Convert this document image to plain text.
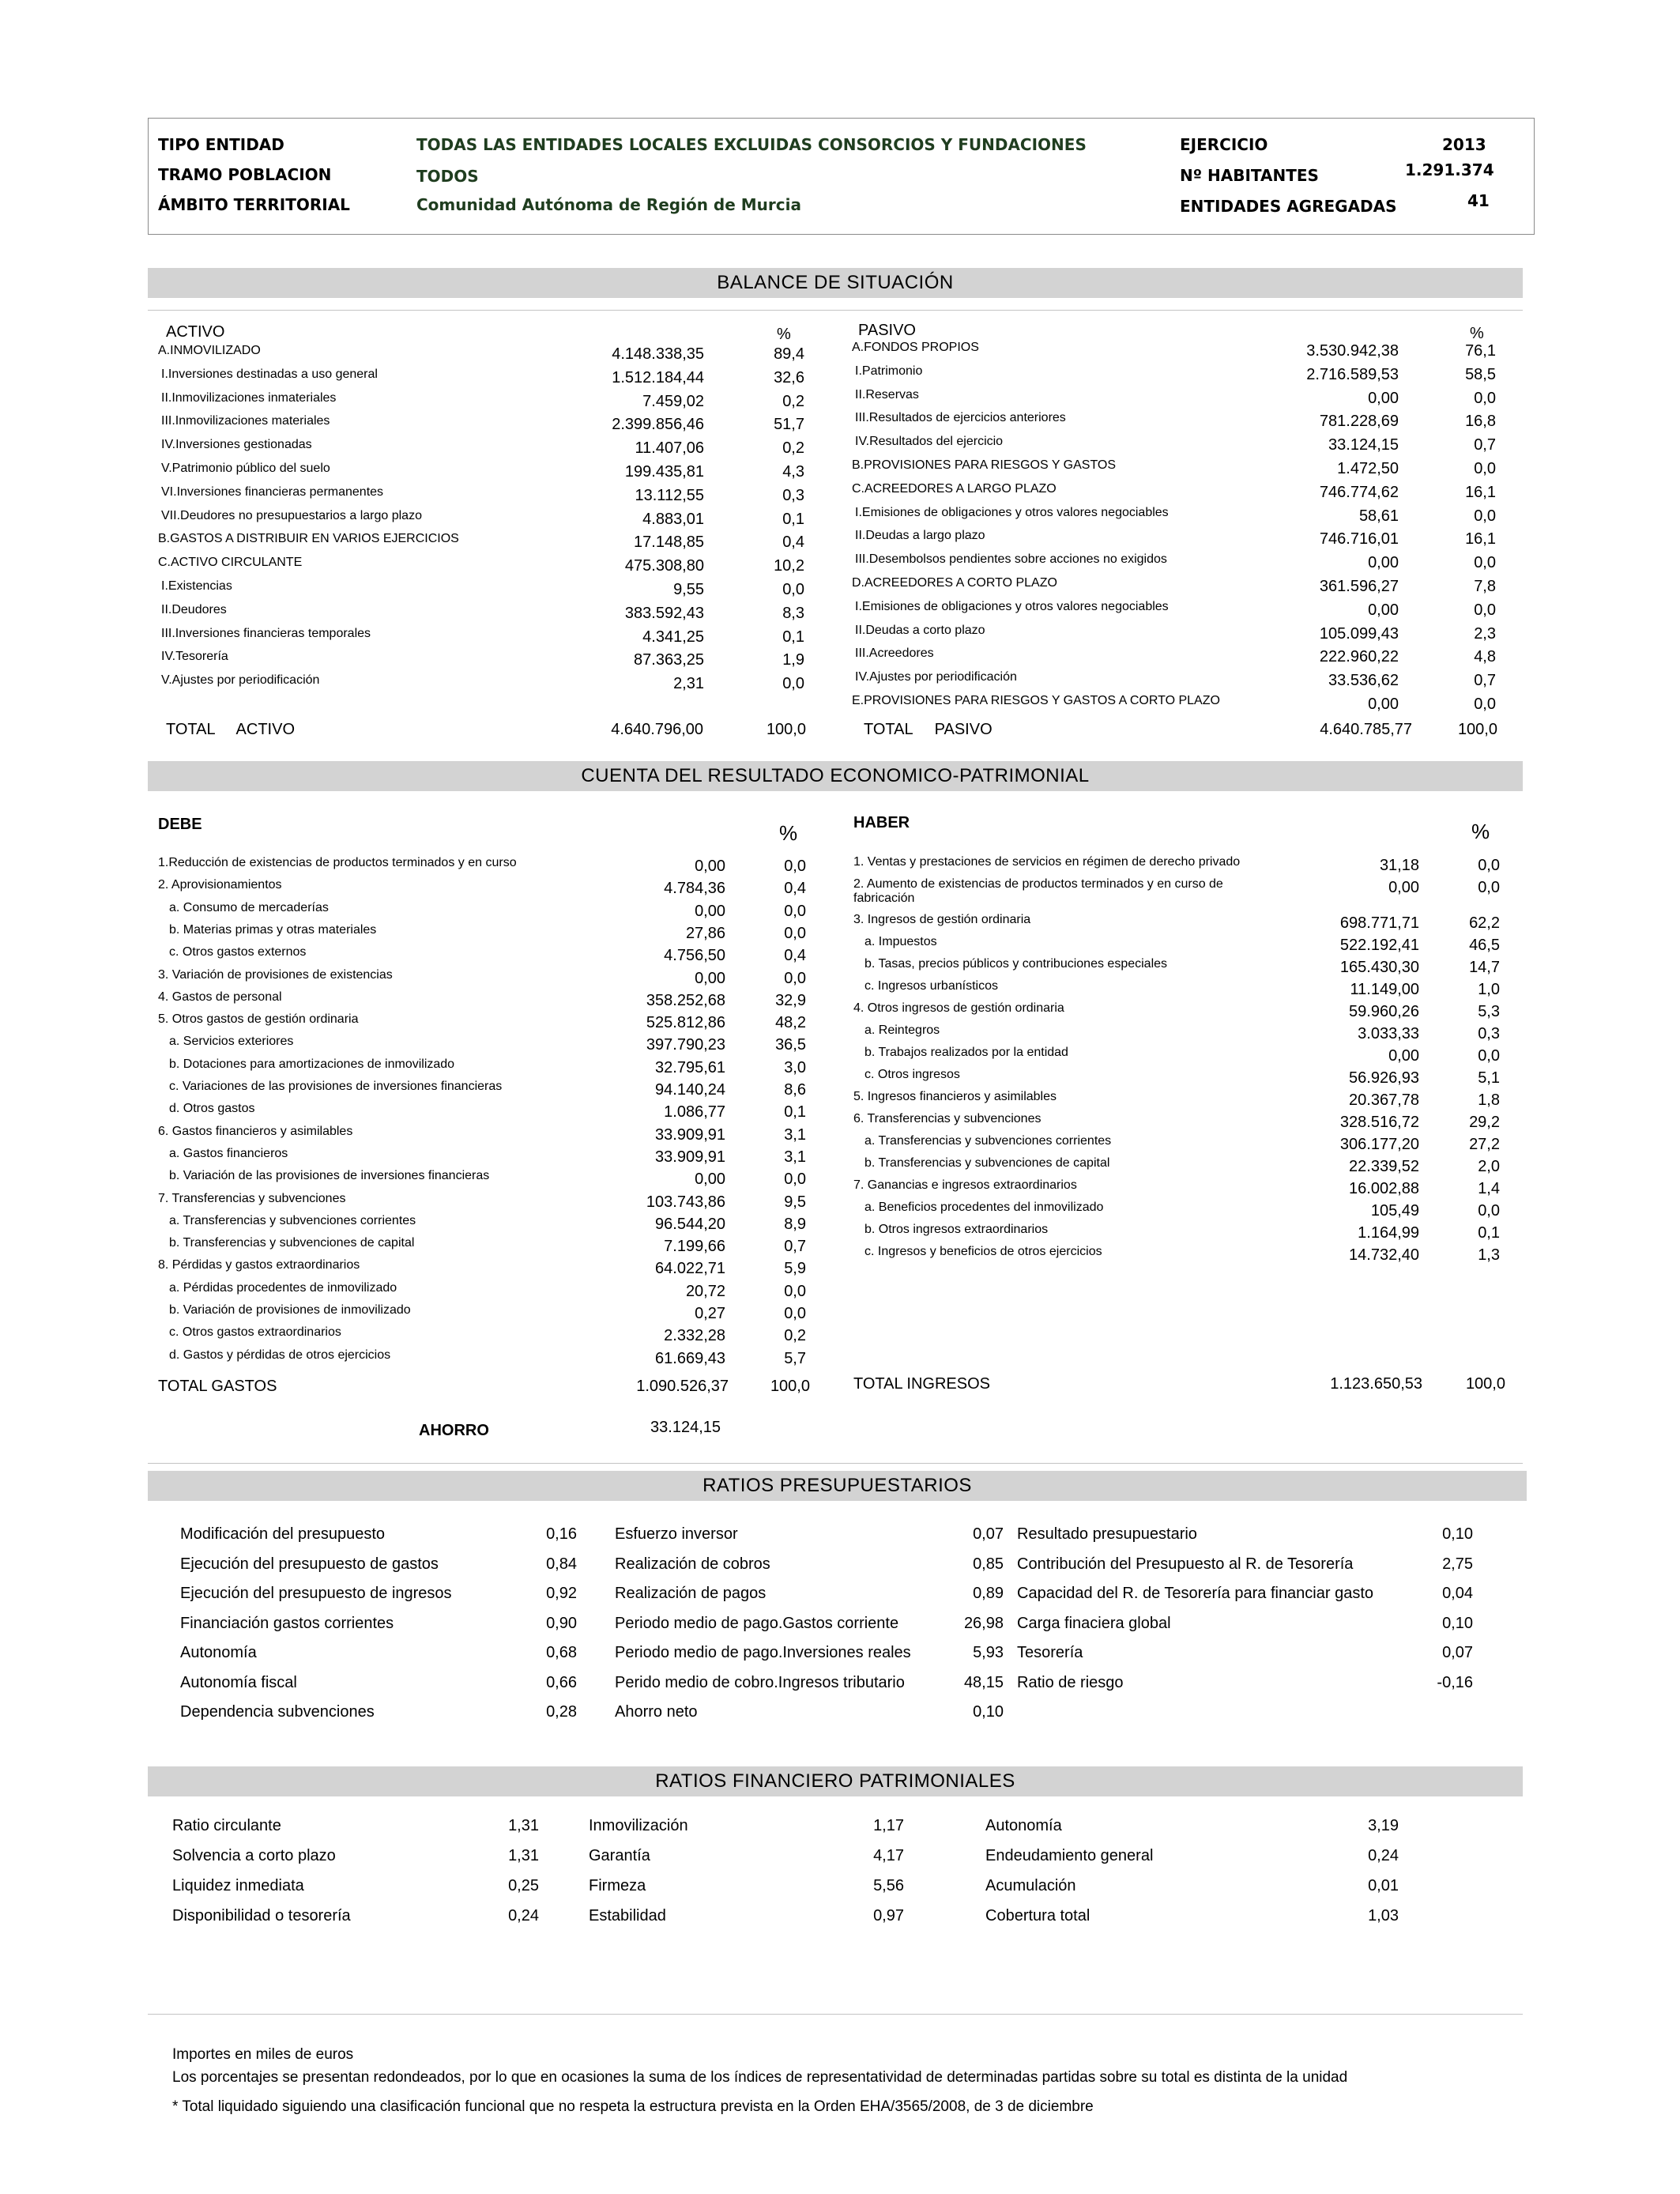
TIPO ENTIDAD	TODAS LAS ENTIDADES LOCALES EXCLUIDAS CONSORCIOS Y FUNDACIONES
TRAMO POBLACION	TODOS
ÁMBITO TERRITORIAL	Comunidad Autónoma de Región de Murcia
EJERCICIO	2013
Nº HABITANTES	1.291.374
ENTIDADES AGREGADAS	41
BALANCE DE SITUACIÓN
ACTIVO	%	PASIVO	%
A.INMOVILIZADO	4.148.338,35	89,4
I.Inversiones destinadas a uso general	1.512.184,44	32,6
II.Inmovilizaciones inmateriales	7.459,02	0,2
III.Inmovilizaciones materiales	2.399.856,46	51,7
IV.Inversiones gestionadas	11.407,06	0,2
V.Patrimonio público del suelo	199.435,81	4,3
VI.Inversiones financieras permanentes	13.112,55	0,3
VII.Deudores no presupuestarios a largo plazo	4.883,01	0,1
B.GASTOS A DISTRIBUIR EN VARIOS EJERCICIOS	17.148,85	0,4
C.ACTIVO CIRCULANTE	475.308,80	10,2
I.Existencias	9,55	0,0
II.Deudores	383.592,43	8,3
III.Inversiones financieras temporales	4.341,25	0,1
IV.Tesorería	87.363,25	1,9
V.Ajustes por periodificación	2,31	0,0
A.FONDOS PROPIOS	3.530.942,38	76,1
I.Patrimonio	2.716.589,53	58,5
II.Reservas	0,00	0,0
III.Resultados de ejercicios anteriores	781.228,69	16,8
IV.Resultados del ejercicio	33.124,15	0,7
B.PROVISIONES PARA RIESGOS Y GASTOS	1.472,50	0,0
C.ACREEDORES A LARGO PLAZO	746.774,62	16,1
I.Emisiones de obligaciones y otros valores negociables	58,61	0,0
II.Deudas a largo plazo	746.716,01	16,1
III.Desembolsos pendientes sobre acciones no exigidos	0,00	0,0
D.ACREEDORES A CORTO PLAZO	361.596,27	7,8
I.Emisiones de obligaciones y otros valores negociables	0,00	0,0
II.Deudas a corto plazo	105.099,43	2,3
III.Acreedores	222.960,22	4,8
IV.Ajustes por periodificación	33.536,62	0,7
E.PROVISIONES PARA RIESGOS Y GASTOS A CORTO PLAZO	0,00	0,0
TOTAL     ACTIVO	4.640.796,00	100,0	TOTAL     PASIVO	4.640.785,77	100,0
CUENTA DEL RESULTADO ECONOMICO-PATRIMONIAL
DEBE	%	HABER	%
1.Reducción de existencias de productos terminados y en curso	0,00	0,0
2. Aprovisionamientos	4.784,36	0,4
a. Consumo de mercaderías	0,00	0,0
b. Materias primas y otras materiales	27,86	0,0
c. Otros gastos externos	4.756,50	0,4
3. Variación de provisiones de existencias	0,00	0,0
4. Gastos de personal	358.252,68	32,9
5. Otros gastos de gestión ordinaria	525.812,86	48,2
a. Servicios exteriores	397.790,23	36,5
b. Dotaciones para amortizaciones de inmovilizado	32.795,61	3,0
c. Variaciones de las provisiones de inversiones financieras	94.140,24	8,6
d. Otros gastos	1.086,77	0,1
6. Gastos financieros y asimilables	33.909,91	3,1
a. Gastos financieros	33.909,91	3,1
b. Variación de las provisiones de inversiones financieras	0,00	0,0
7. Transferencias y subvenciones	103.743,86	9,5
a. Transferencias y subvenciones corrientes	96.544,20	8,9
b. Transferencias y subvenciones de capital	7.199,66	0,7
8. Pérdidas y gastos extraordinarios	64.022,71	5,9
a. Pérdidas procedentes de inmovilizado	20,72	0,0
b. Variación de provisiones de inmovilizado	0,27	0,0
c. Otros gastos extraordinarios	2.332,28	0,2
d. Gastos y pérdidas de otros ejercicios	61.669,43	5,7
1. Ventas y prestaciones de servicios en régimen de derecho privado	31,18	0,0
2. Aumento de existencias de productos terminados y en curso de
fabricación
0,00	0,0
3. Ingresos de gestión ordinaria	698.771,71	62,2
a. Impuestos	522.192,41	46,5
b. Tasas, precios públicos y contribuciones especiales	165.430,30	14,7
c. Ingresos urbanísticos	11.149,00	1,0
4. Otros ingresos de gestión ordinaria	59.960,26	5,3
a. Reintegros	3.033,33	0,3
b. Trabajos realizados por la entidad	0,00	0,0
c. Otros ingresos	56.926,93	5,1
5. Ingresos financieros y asimilables	20.367,78	1,8
6. Transferencias y subvenciones	328.516,72	29,2
a. Transferencias y subvenciones corrientes	306.177,20	27,2
b. Transferencias y subvenciones de capital	22.339,52	2,0
7. Ganancias e ingresos extraordinarios	16.002,88	1,4
a. Beneficios procedentes del inmovilizado	105,49	0,0
b. Otros ingresos extraordinarios	1.164,99	0,1
c. Ingresos y beneficios de otros ejercicios	14.732,40	1,3
TOTAL GASTOS	1.090.526,37	100,0	TOTAL INGRESOS	1.123.650,53	100,0
AHORRO	33.124,15
RATIOS PRESUPUESTARIOS
Modificación del presupuesto	0,16
Ejecución del presupuesto de gastos	0,84
Ejecución del presupuesto de ingresos	0,92
Financiación gastos corrientes	0,90
Autonomía	0,68
Autonomía fiscal	0,66
Dependencia subvenciones	0,28
Esfuerzo inversor	0,07
Realización de cobros	0,85
Realización de pagos	0,89
Periodo medio de pago.Gastos corriente	26,98
Periodo medio de pago.Inversiones reales	5,93
Perido medio de cobro.Ingresos tributario	48,15
Ahorro neto	0,10
Resultado presupuestario	0,10
Contribución del Presupuesto al R. de Tesorería	2,75
Capacidad del R. de Tesorería para financiar gasto	0,04
Carga finaciera global	0,10
Tesorería	0,07
Ratio de riesgo	-0,16
RATIOS FINANCIERO PATRIMONIALES
Ratio circulante	1,31
Solvencia a corto plazo	1,31
Liquidez inmediata	0,25
Disponibilidad o tesorería	0,24
Inmovilización	1,17
Garantía	4,17
Firmeza	5,56
Estabilidad	0,97
Autonomía	3,19
Endeudamiento general	0,24
Acumulación	0,01
Cobertura total	1,03
Importes en miles de euros
Los porcentajes se presentan redondeados, por lo que en ocasiones la suma de los índices de representatividad de determinadas partidas sobre su total es distinta de la unidad
* Total liquidado siguiendo una clasificación funcional que no respeta la estructura prevista en la Orden EHA/3565/2008, de 3 de diciembre
